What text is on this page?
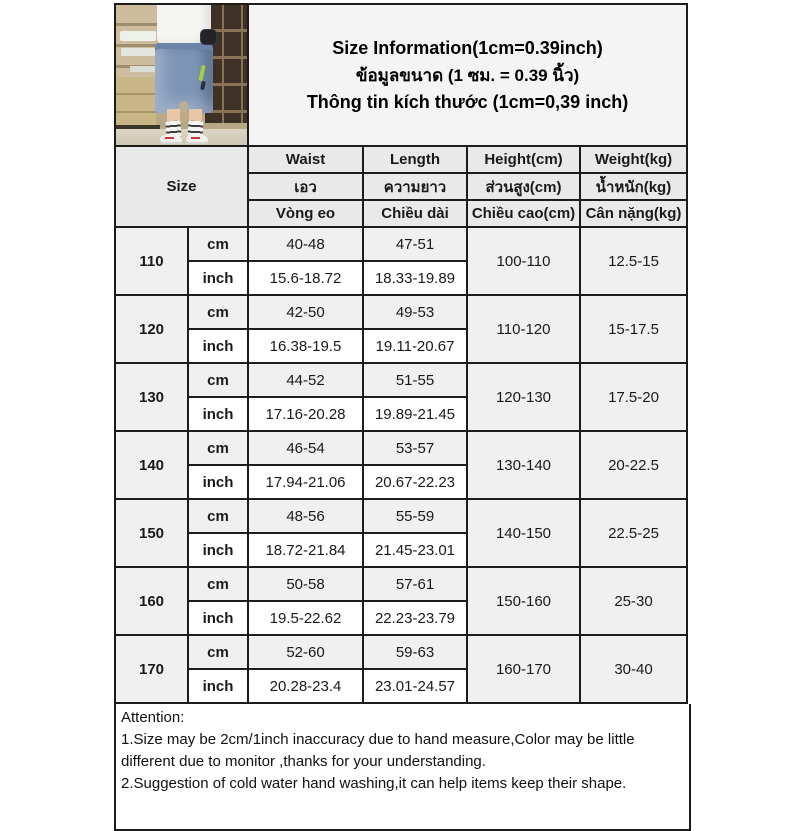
		Size Information(1cm=0.39inch)
ข้อมูลขนาด (1 ซม. = 0.39 นิ้ว)
Thông tin kích thước (1cm=0,39 inch)			

Size		Waist	Length	Height(cm)	Weight(kg)
		เอว	ความยาว	ส่วนสูง(cm)	น้ำหนัก(kg)
		Vòng eo	Chiều dài	Chiều cao(cm)	Cân nặng(kg)
110	cm	40-48	47-51	100-110	12.5-15
	inch	15.6-18.72	18.33-19.89		
120	cm	42-50	49-53	110-120	15-17.5
	inch	16.38-19.5	19.11-20.67		
130	cm	44-52	51-55	120-130	17.5-20
	inch	17.16-20.28	19.89-21.45		
140	cm	46-54	53-57	130-140	20-22.5
	inch	17.94-21.06	20.67-22.23		
150	cm	48-56	55-59	140-150	22.5-25
	inch	18.72-21.84	21.45-23.01		
160	cm	50-58	57-61	150-160	25-30
	inch	19.5-22.62	22.23-23.79		
170	cm	52-60	59-63	160-170	30-40
	inch	20.28-23.4	23.01-24.57		
Attention:
1.Size may be 2cm/1inch inaccuracy due to hand measure,Color may be little
different due to monitor ,thanks for your understanding.
2.Suggestion of cold water hand washing,it can help items keep their shape.
